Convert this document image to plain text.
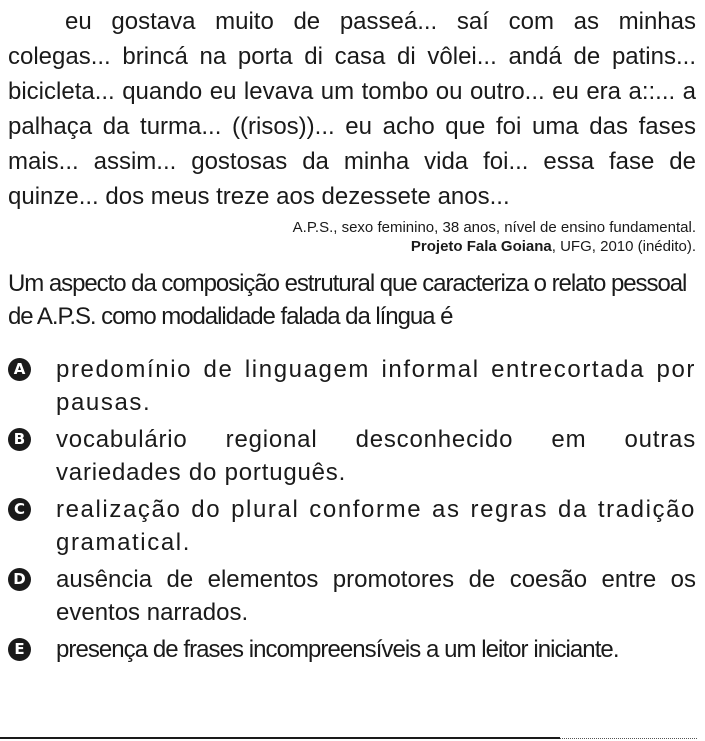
eu gostava muito de passeá... saí com as minhas colegas... brincá na porta di casa di vôlei... andá de patins... bicicleta... quando eu levava um tombo ou outro... eu era a::... a palhaça da turma... ((risos))... eu acho que foi uma das fases mais... assim... gostosas da minha vida foi... essa fase de quinze... dos meus treze aos dezessete anos...

A.P.S., sexo feminino, 38 anos, nível de ensino fundamental.
Projeto Fala Goiana, UFG, 2010 (inédito).
Um aspecto da composição estrutural que caracteriza o relato pessoal de A.P.S. como modalidade falada da língua é
A predomínio de linguagem informal entrecortada por pausas.
B vocabulário regional desconhecido em outras variedades do português.
C realização do plural conforme as regras da tradição gramatical.
D ausência de elementos promotores de coesão entre os eventos narrados.
E presença de frases incompreensíveis a um leitor iniciante.
